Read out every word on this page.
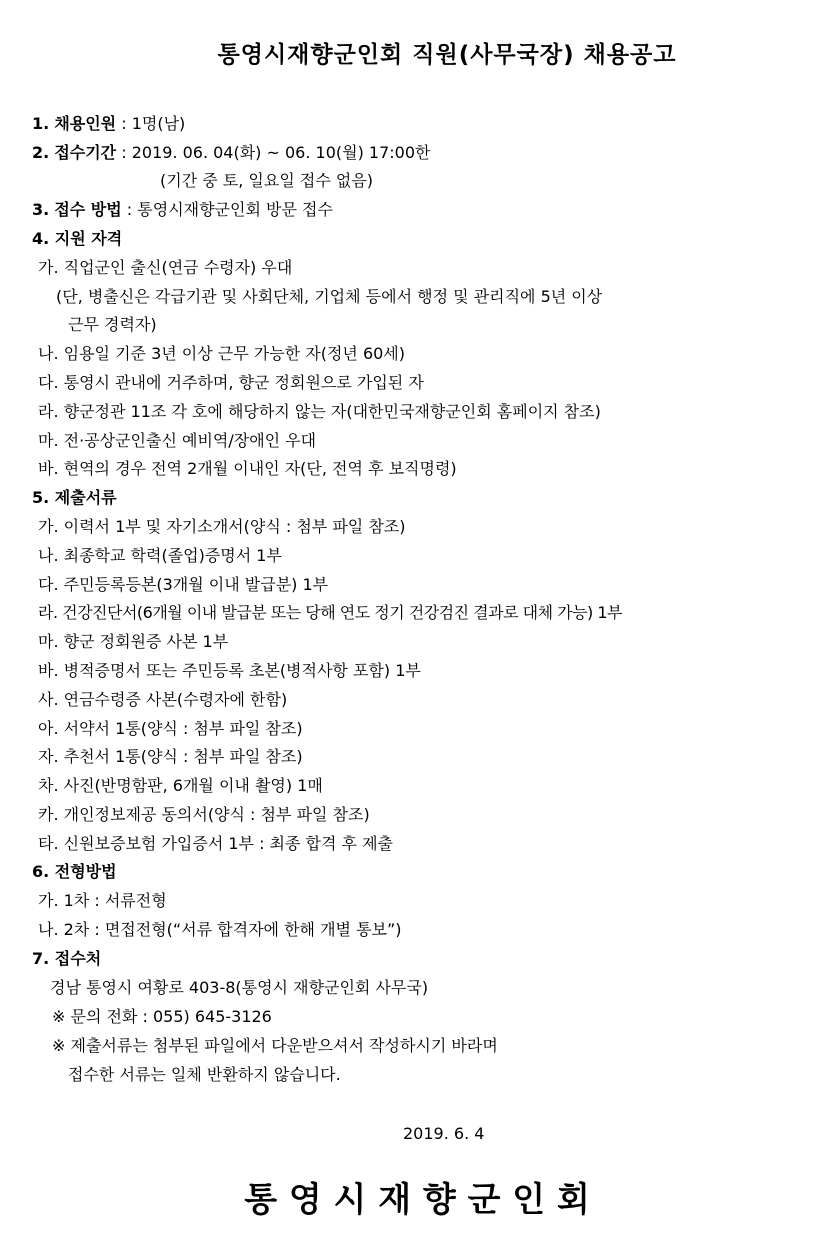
통영시재향군인회 직원(사무국장) 채용공고
1. 채용인원 : 1명(남)
2. 접수기간 : 2019. 06. 04(화) ~ 06. 10(월) 17:00한
(기간 중 토, 일요일 접수 없음)
3. 접수 방법 : 통영시재향군인회 방문 접수
4. 지원 자격
가. 직업군인 출신(연금 수령자) 우대
(단, 병출신은 각급기관 및 사회단체, 기업체 등에서 행정 및 관리직에 5년 이상
근무 경력자)
나. 임용일 기준 3년 이상 근무 가능한 자(정년 60세)
다. 통영시 관내에 거주하며, 향군 정회원으로 가입된 자
라. 향군정관 11조 각 호에 해당하지 않는 자(대한민국재향군인회 홈페이지 참조)
마. 전·공상군인출신 예비역/장애인 우대
바. 현역의 경우 전역 2개월 이내인 자(단, 전역 후 보직명령)
5. 제출서류
가. 이력서 1부 및 자기소개서(양식 : 첨부 파일 참조)
나. 최종학교 학력(졸업)증명서 1부
다. 주민등록등본(3개월 이내 발급분) 1부
라. 건강진단서(6개월 이내 발급분 또는 당해 연도 정기 건강검진 결과로 대체 가능) 1부
마. 향군 정회원증 사본 1부
바. 병적증명서 또는 주민등록 초본(병적사항 포함) 1부
사. 연금수령증 사본(수령자에 한함)
아. 서약서 1통(양식 : 첨부 파일 참조)
자. 추천서 1통(양식 : 첨부 파일 참조)
차. 사진(반명함판, 6개월 이내 촬영) 1매
카. 개인정보제공 동의서(양식 : 첨부 파일 참조)
타. 신원보증보험 가입증서 1부 : 최종 합격 후 제출
6. 전형방법
가. 1차 : 서류전형
나. 2차 : 면접전형(“서류 합격자에 한해 개별 통보”)
7. 접수처
경남 통영시 여황로 403-8(통영시 재향군인회 사무국)
※ 문의 전화 : 055) 645-3126
※ 제출서류는 첨부된 파일에서 다운받으셔서 작성하시기 바라며
접수한 서류는 일체 반환하지 않습니다.
2019. 6. 4
통 영 시 재 향 군 인 회
